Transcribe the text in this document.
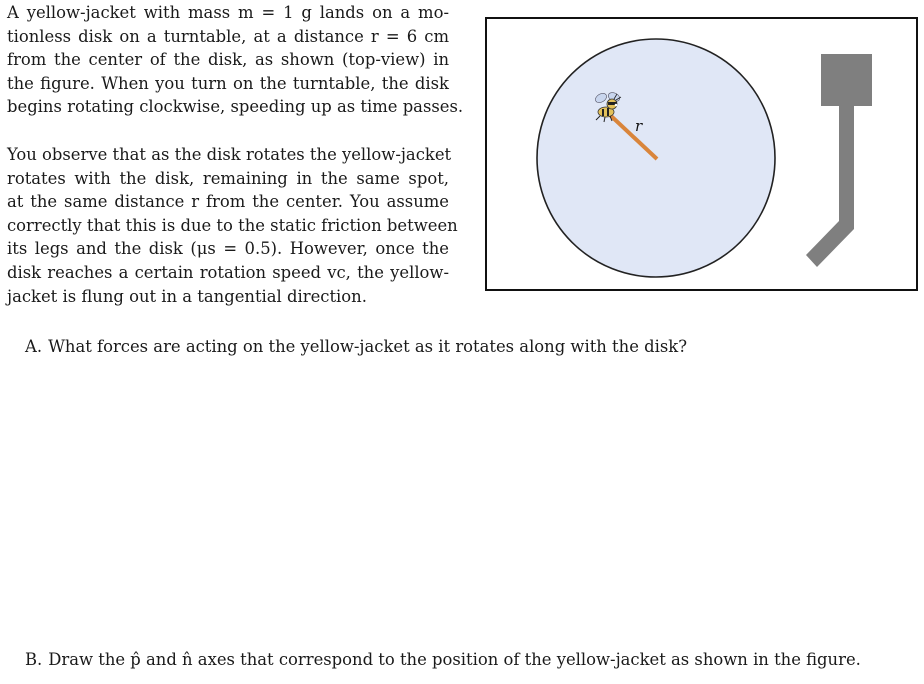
A yellow-jacket with mass m = 1 g lands on a mo-
tionless disk on a turntable, at a distance r = 6 cm
from the center of the disk, as shown (top-view) in
the figure. When you turn on the turntable, the disk
begins rotating clockwise, speeding up as time passes.
You observe that as the disk rotates the yellow-jacket
rotates with the disk, remaining in the same spot,
at the same distance r from the center. You assume
correctly that this is due to the static friction between
its legs and the disk (μs = 0.5). However, once the
disk reaches a certain rotation speed vc, the yellow-
jacket is flung out in a tangential direction.
r

A. What forces are acting on the yellow-jacket as it rotates along with the disk?

B. Draw the p̂ and n̂ axes that correspond to the position of the yellow-jacket as shown in the figure.
